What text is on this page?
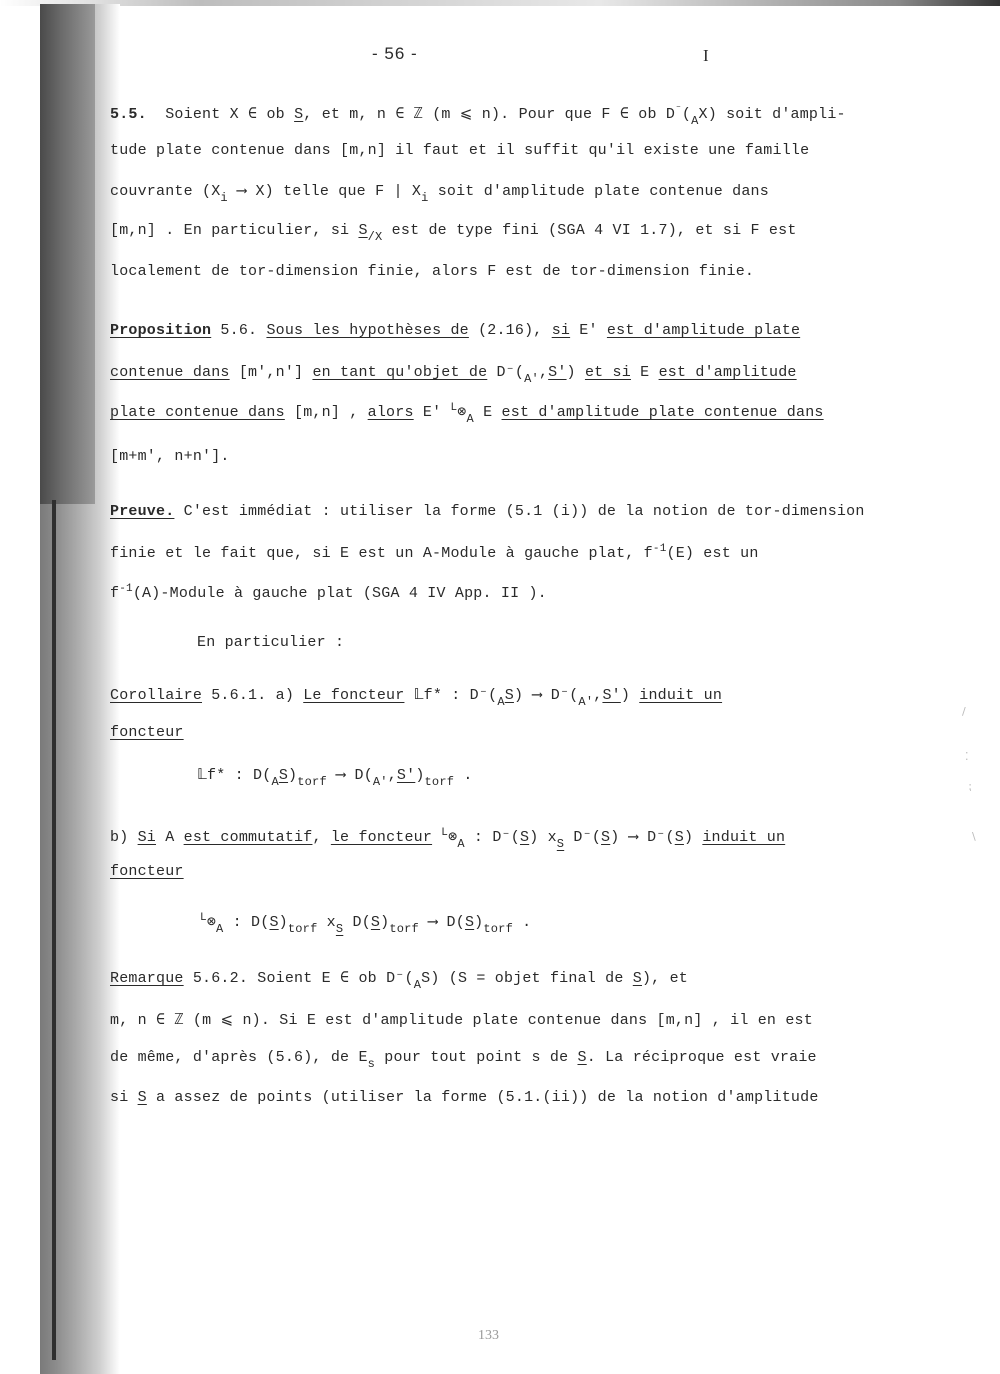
- 56 -	I
5.5. Soient X ∈ ob S, et m, n ∈ ℤ (m ⩽ n). Pour que F ∈ ob $D^{^-}(_AX)$ soit d'ampli-
tude plate contenue dans [m,n] il faut et il suffit qu'il existe une famille
couvrante ($X_i$ ⟶ X) telle que F | $X_i$ soit d'amplitude plate contenue dans
[m,n] . En particulier, si $S_{/X}$ est de type fini (SGA 4 VI 1.7), et si F est
localement de tor-dimension finie, alors F est de tor-dimension finie.
Proposition 5.6. Sous les hypothèses de (2.16), si E' est d'amplitude plate
contenue dans [m',n'] en tant qu'objet de $D^-(_{A'},S')$ et si E est d'amplitude
plate contenue dans [m,n] , alors E' $^L\otimes_A$ E est d'amplitude plate contenue dans
[m+m', n+n'].
Preuve. C'est immédiat : utiliser la forme (5.1 (i)) de la notion de tor-dimension
finie et le fait que, si E est un A-Module à gauche plat, $f^{-1}(E)$ est un
$f^{-1}(A)$-Module à gauche plat (SGA 4 IV App. II ).
En particulier :
Corollaire 5.6.1. a) Le foncteur 𝕃f* : $D^-(_AS)$ ⟶ $D^-(_{A'},S')$ induit un
foncteur
𝕃f* : $D(_AS)_{torf}$ ⟶ $D(_{A'},S')_{torf}$ .
b) Si A est commutatif, le foncteur $^L\otimes_A$ : D⁻(S) $x_S$ D⁻(S) ⟶ D⁻(S) induit un
foncteur
$^L\otimes_A$ : $D(S)_{torf}$ $x_S$ $D(S)_{torf}$ ⟶ $D(S)_{torf}$ .
Remarque 5.6.2. Soient E ∈ ob $D^-(_AS) (S$ = objet final de S), et
m, n ∈ ℤ (m ⩽ n). Si E est d'amplitude plate contenue dans [m,n] , il en est
de même, d'après (5.6), de $E_s$ pour tout point s de S. La réciproque est vraie
si S a assez de points (utiliser la forme (5.1.(ii)) de la notion d'amplitude
133
/
⁚
⁏
\
